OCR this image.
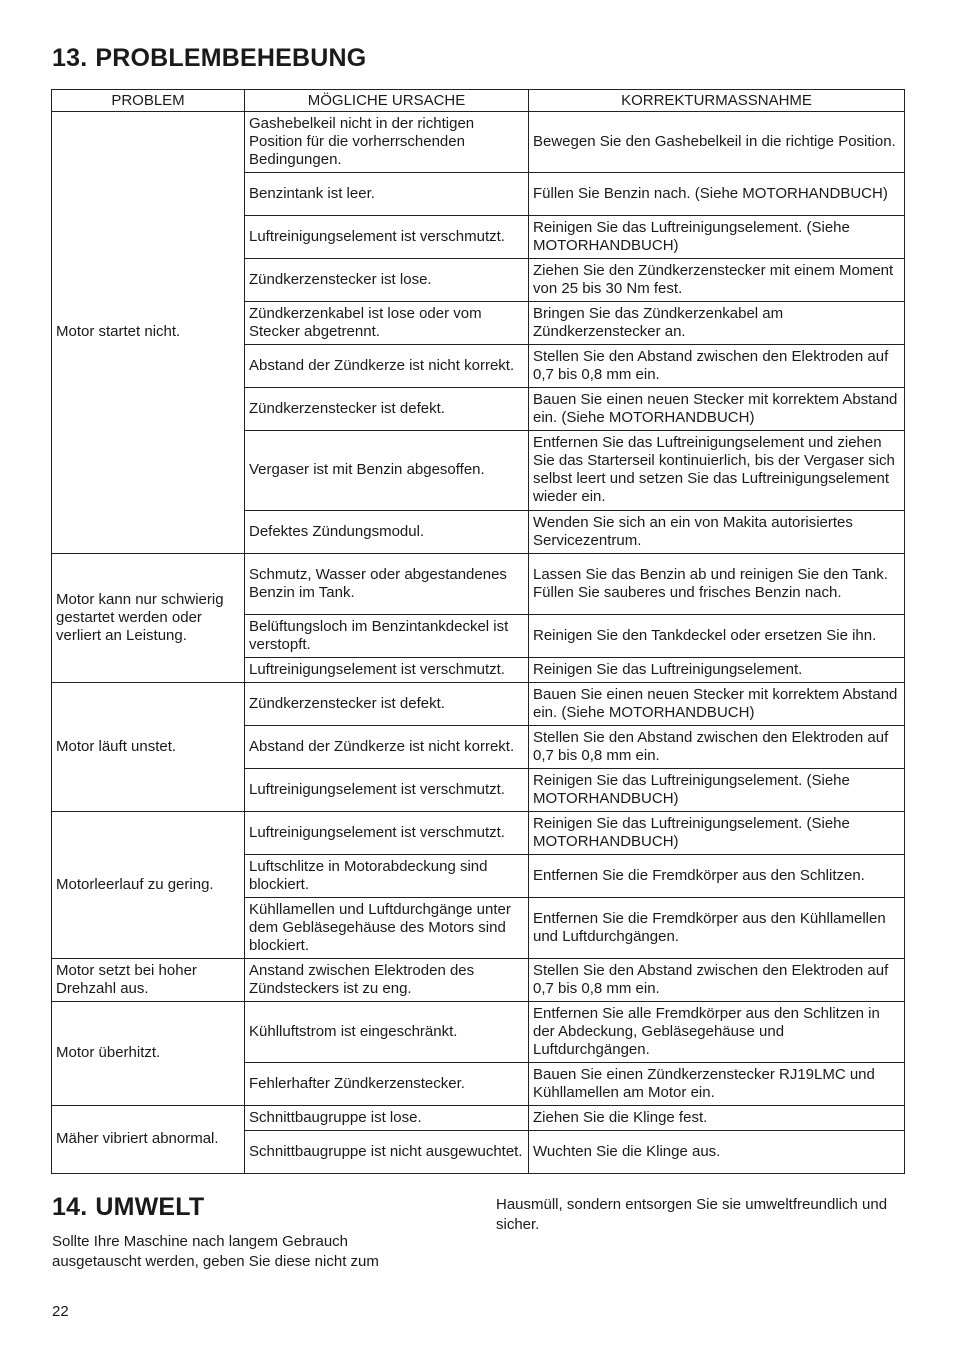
13. PROBLEMBEHEBUNG
PROBLEM	MÖGLICHE URSACHE	KORREKTURMASSNAHME
Motor startet nicht.	Gashebelkeil nicht in der richtigen Position für die vorherrschenden Bedingungen.	Bewegen Sie den Gashebelkeil in die richtige Position.
	Benzintank ist leer.	Füllen Sie Benzin nach. (Siehe MOTORHANDBUCH)
	Luftreinigungselement ist verschmutzt.	Reinigen Sie das Luftreinigungselement. (Siehe MOTORHANDBUCH)
	Zündkerzenstecker ist lose.	Ziehen Sie den Zündkerzenstecker mit einem Moment von 25 bis 30 Nm fest.
	Zündkerzenkabel ist lose oder vom Stecker abgetrennt.	Bringen Sie das Zündkerzenkabel am Zündkerzenstecker an.
	Abstand der Zündkerze ist nicht korrekt.	Stellen Sie den Abstand zwischen den Elektroden auf 0,7 bis 0,8 mm ein.
	Zündkerzenstecker ist defekt.	Bauen Sie einen neuen Stecker mit korrektem Abstand ein. (Siehe MOTORHANDBUCH)
	Vergaser ist mit Benzin abgesoffen.	Entfernen Sie das Luftreinigungselement und ziehen Sie das Starterseil kontinuierlich, bis der Vergaser sich selbst leert und setzen Sie das Luftreinigungselement wieder ein.
	Defektes Zündungsmodul.	Wenden Sie sich an ein von Makita autorisiertes Servicezentrum.
Motor kann nur schwierig gestartet werden oder verliert an Leistung.	Schmutz, Wasser oder abgestandenes Benzin im Tank.	Lassen Sie das Benzin ab und reinigen Sie den Tank. Füllen Sie sauberes und frisches Benzin nach.
	Belüftungsloch im Benzintankdeckel ist verstopft.	Reinigen Sie den Tankdeckel oder ersetzen Sie ihn.
	Luftreinigungselement ist verschmutzt.	Reinigen Sie das Luftreinigungselement.
Motor läuft unstet.	Zündkerzenstecker ist defekt.	Bauen Sie einen neuen Stecker mit korrektem Abstand ein. (Siehe MOTORHANDBUCH)
	Abstand der Zündkerze ist nicht korrekt.	Stellen Sie den Abstand zwischen den Elektroden auf 0,7 bis 0,8 mm ein.
	Luftreinigungselement ist verschmutzt.	Reinigen Sie das Luftreinigungselement. (Siehe MOTORHANDBUCH)
Motorleerlauf zu gering.	Luftreinigungselement ist verschmutzt.	Reinigen Sie das Luftreinigungselement. (Siehe MOTORHANDBUCH)
	Luftschlitze in Motorabdeckung sind blockiert.	Entfernen Sie die Fremdkörper aus den Schlitzen.
	Kühllamellen und Luftdurchgänge unter dem Gebläsegehäuse des Motors sind blockiert.	Entfernen Sie die Fremdkörper aus den Kühllamellen und Luftdurchgängen.
Motor setzt bei hoher Drehzahl aus.	Anstand zwischen Elektroden des Zündsteckers ist zu eng.	Stellen Sie den Abstand zwischen den Elektroden auf 0,7 bis 0,8 mm ein.
Motor überhitzt.	Kühlluftstrom ist eingeschränkt.	Entfernen Sie alle Fremdkörper aus den Schlitzen in der Abdeckung, Gebläsegehäuse und Luftdurchgängen.
	Fehlerhafter Zündkerzenstecker.	Bauen Sie einen Zündkerzenstecker RJ19LMC und Kühllamellen am Motor ein.
Mäher vibriert abnormal.	Schnittbaugruppe ist lose.	Ziehen Sie die Klinge fest.
	Schnittbaugruppe ist nicht ausgewuchtet.	Wuchten Sie die Klinge aus.
14. UMWELT
Sollte Ihre Maschine nach langem Gebrauch ausgetauscht werden, geben Sie diese nicht zum
Hausmüll, sondern entsorgen Sie sie umweltfreundlich und sicher.
22
